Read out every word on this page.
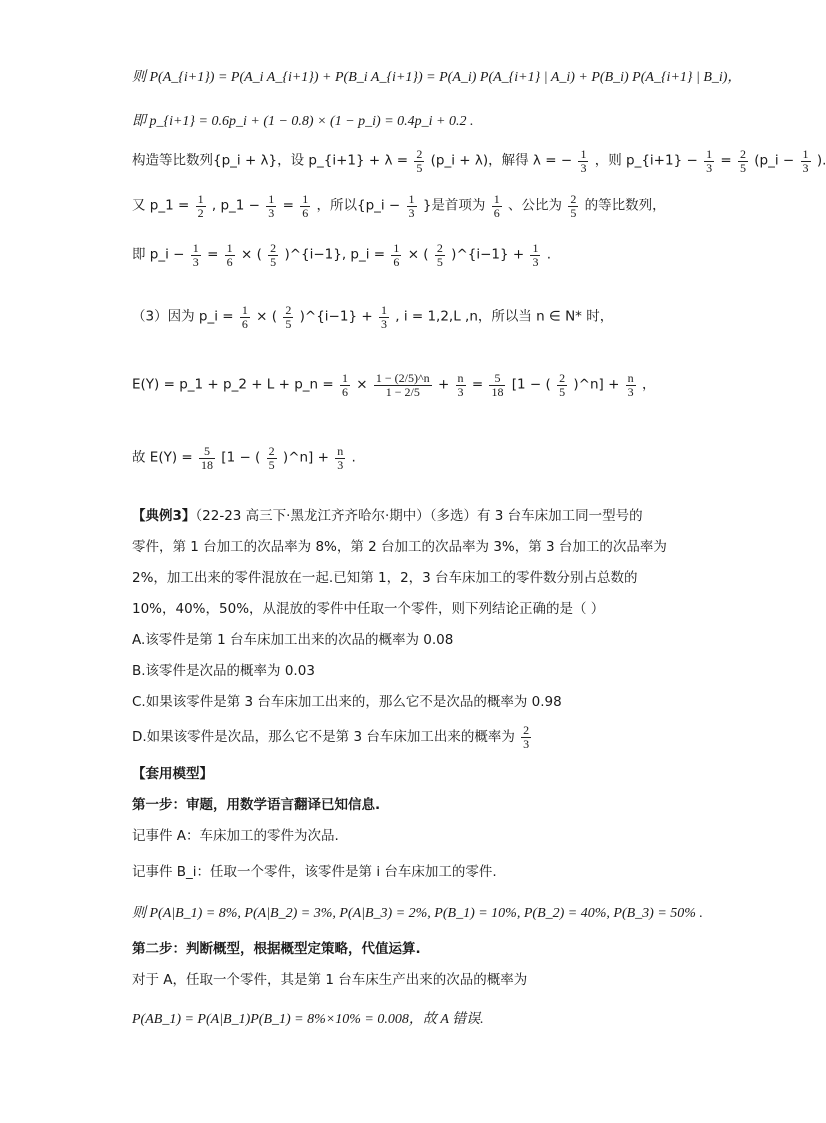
则 P(A_{i+1}) = P(A_i A_{i+1}) + P(B_i A_{i+1}) = P(A_i) P(A_{i+1} | A_i) + P(B_i) P(A_{i+1} | B_i)，
即 p_{i+1} = 0.6p_i + (1 − 0.8) × (1 − p_i) = 0.4p_i + 0.2 .
构造等比数列{p_i + λ}，设 p_{i+1} + $\lambda = \frac{2}{5}$ (p_i + λ)，解得 λ = − $\frac{1}{3}$ ，则 p_{i+1} − $\frac{1}{3} = \frac{2}{5}$ (p_i − $\frac{1}{3}$ ).
又 p_1 = $\frac{1}{2}$ , p_1 − $\frac{1}{3} = \frac{1}{6}$ ，所以{p_i − $\frac{1}{3}$ }是首项为 $\frac{1}{6}$ 、公比为 $\frac{2}{5}$ 的等比数列，
即 p_i − $\frac{1}{3} = \frac{1}{6}$ × ( $\frac{2}{5}$ )^{i−1}, p_i = $\frac{1}{6}$ × ( $\frac{2}{5}$ )^{i−1} + $\frac{1}{3}$ .
（3）因为 p_i = $\frac{1}{6}$ × ( $\frac{2}{5}$ )^{i−1} + $\frac{1}{3}$ , i = 1,2,L ,n，所以当 n ∈ N* 时，
E(Y) = p_1 + p_2 + L + p_n = $\frac{1}{6} \times \frac{1 - (2/5)\^{}n}{1 - 2/5} + \frac{n}{3} = \frac{5}{18} [1$ − ( $\frac{2}{5}$ )^n] + $\frac{n}{3}$ ，
故 $E(Y) = \frac{5}{18} [1$ − ( $\frac{2}{5}$ )^n] + $\frac{n}{3}$ .
【典例3】（22-23 高三下·黑龙江齐齐哈尔·期中）（多选）有 3 台车床加工同一型号的
零件，第 1 台加工的次品率为 8%，第 2 台加工的次品率为 3%，第 3 台加工的次品率为
2%，加工出来的零件混放在一起.已知第 1，2，3 台车床加工的零件数分别占总数的
10%，40%，50%，从混放的零件中任取一个零件，则下列结论正确的是（ ）
A.该零件是第 1 台车床加工出来的次品的概率为 0.08
B.该零件是次品的概率为 0.03
C.如果该零件是第 3 台车床加工出来的，那么它不是次品的概率为 0.98
D.如果该零件是次品，那么它不是第 3 台车床加工出来的概率为 $\frac{2}{3}$
【套用模型】
第一步：审题，用数学语言翻译已知信息.
记事件 A：车床加工的零件为次品.
记事件 B_i：任取一个零件，该零件是第 i 台车床加工的零件.
则 P(A|B_1) = 8%, P(A|B_2) = 3%, P(A|B_3) = 2%, P(B_1) = 10%, P(B_2) = 40%, P(B_3) = 50% .
第二步：判断概型，根据概型定策略，代值运算.
对于 A，任取一个零件，其是第 1 台车床生产出来的次品的概率为
P(AB_1) = P(A|B_1)P(B_1) = 8%×10% = 0.008，故 A 错误.
